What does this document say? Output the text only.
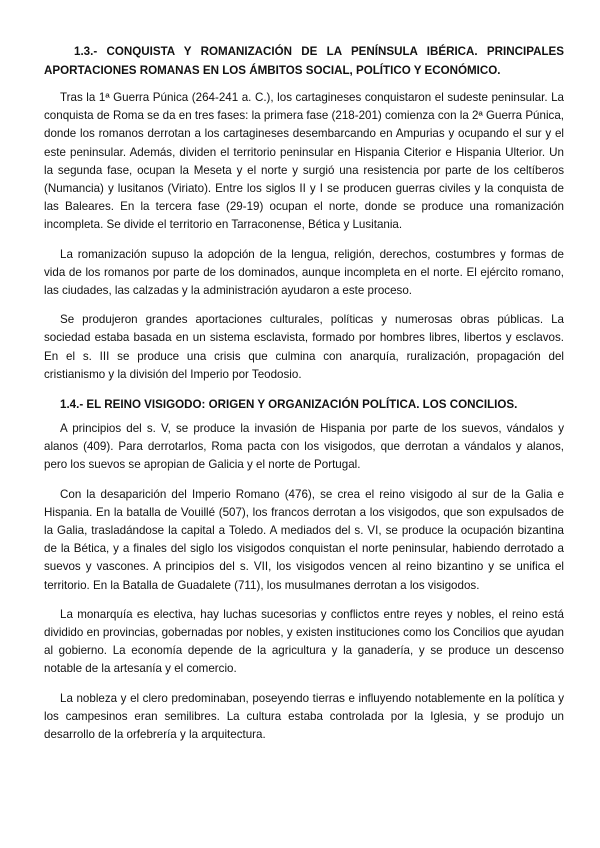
1.3.- CONQUISTA Y ROMANIZACIÓN DE LA PENÍNSULA IBÉRICA. PRINCIPALES APORTACIONES ROMANAS EN LOS ÁMBITOS SOCIAL, POLÍTICO Y ECONÓMICO.

Tras la 1ª Guerra Púnica (264-241 a. C.), los cartagineses conquistaron el sudeste peninsular. La conquista de Roma se da en tres fases: la primera fase (218-201) comienza con la 2ª Guerra Púnica, donde los romanos derrotan a los cartagineses desembarcando en Ampurias y ocupando el sur y el este peninsular. Además, dividen el territorio peninsular en Hispania Citerior e Hispania Ulterior. Un la segunda fase, ocupan la Meseta y el norte y surgió una resistencia por parte de los celtíberos (Numancia) y lusitanos (Viriato). Entre los siglos II y I se producen guerras civiles y la conquista de las Baleares. En la tercera fase (29-19) ocupan el norte, donde se produce una romanización incompleta. Se divide el territorio en Tarraconense, Bética y Lusitania.

La romanización supuso la adopción de la lengua, religión, derechos, costumbres y formas de vida de los romanos por parte de los dominados, aunque incompleta en el norte. El ejército romano, las ciudades, las calzadas y la administración ayudaron a este proceso.

Se produjeron grandes aportaciones culturales, políticas y numerosas obras públicas. La sociedad estaba basada en un sistema esclavista, formado por hombres libres, libertos y esclavos. En el s. III se produce una crisis que culmina con anarquía, ruralización, propagación del cristianismo y la división del Imperio por Teodosio.

1.4.- EL REINO VISIGODO: ORIGEN Y ORGANIZACIÓN POLÍTICA. LOS CONCILIOS.

A principios del s. V, se produce la invasión de Hispania por parte de los suevos, vándalos y alanos (409). Para derrotarlos, Roma pacta con los visigodos, que derrotan a vándalos y alanos, pero los suevos se apropian de Galicia y el norte de Portugal.

Con la desaparición del Imperio Romano (476), se crea el reino visigodo al sur de la Galia e Hispania. En la batalla de Vouillé (507), los francos derrotan a los visigodos, que son expulsados de la Galia, trasladándose la capital a Toledo. A mediados del s. VI, se produce la ocupación bizantina de la Bética, y a finales del siglo los visigodos conquistan el norte peninsular, habiendo derrotado a suevos y vascones. A principios del s. VII, los visigodos vencen al reino bizantino y se unifica el territorio. En la Batalla de Guadalete (711), los musulmanes derrotan a los visigodos.

La monarquía es electiva, hay luchas sucesorias y conflictos entre reyes y nobles, el reino está dividido en provincias, gobernadas por nobles, y existen instituciones como los Concilios que ayudan al gobierno. La economía depende de la agricultura y la ganadería, y se produce un descenso notable de la artesanía y el comercio.

La nobleza y el clero predominaban, poseyendo tierras e influyendo notablemente en la política y los campesinos eran semilibres. La cultura estaba controlada por la Iglesia, y se produjo un desarrollo de la orfebrería y la arquitectura.
